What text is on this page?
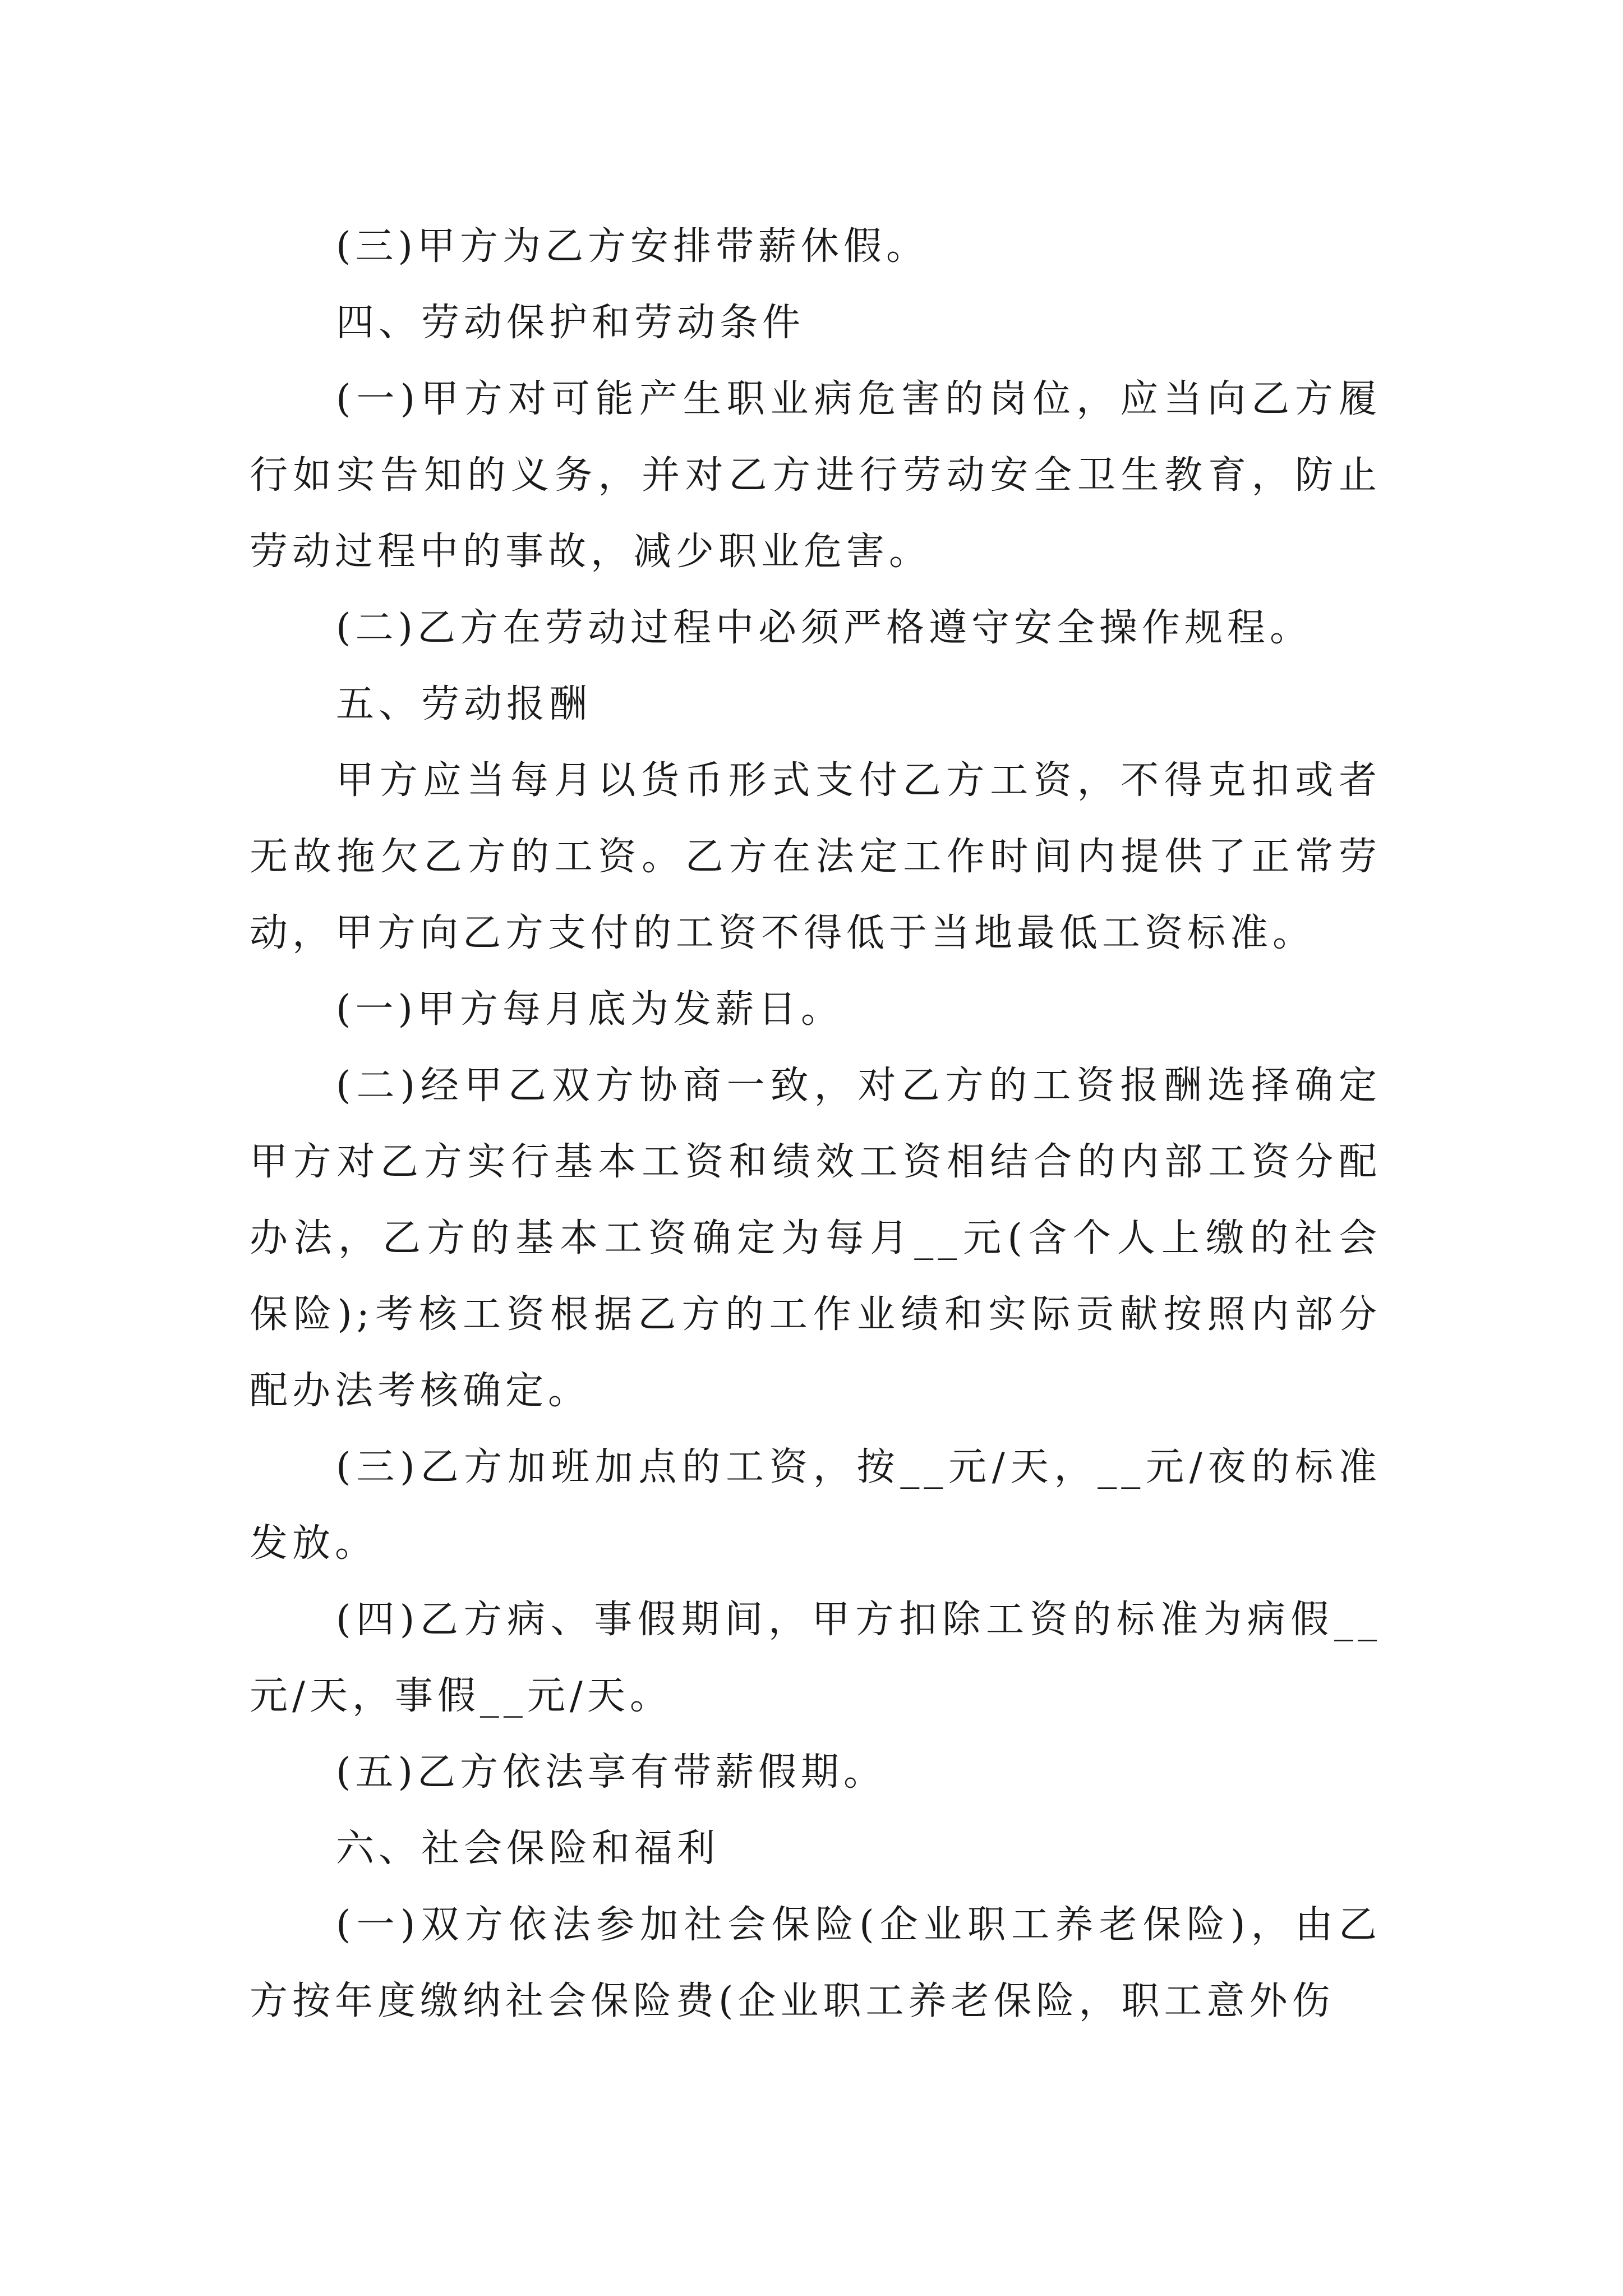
(三)甲方为乙方安排带薪休假。

四、劳动保护和劳动条件

(一)甲方对可能产生职业病危害的岗位，应当向乙方履行如实告知的义务，并对乙方进行劳动安全卫生教育，防止劳动过程中的事故，减少职业危害。

(二)乙方在劳动过程中必须严格遵守安全操作规程。

五、劳动报酬

甲方应当每月以货币形式支付乙方工资，不得克扣或者无故拖欠乙方的工资。乙方在法定工作时间内提供了正常劳动，甲方向乙方支付的工资不得低于当地最低工资标准。

(一)甲方每月底为发薪日。

(二)经甲乙双方协商一致，对乙方的工资报酬选择确定甲方对乙方实行基本工资和绩效工资相结合的内部工资分配办法，乙方的基本工资确定为每月__元(含个人上缴的社会保险);考核工资根据乙方的工作业绩和实际贡献按照内部分配办法考核确定。

(三)乙方加班加点的工资，按__元/天，__元/夜的标准发放。

(四)乙方病、事假期间，甲方扣除工资的标准为病假__元/天，事假__元/天。

(五)乙方依法享有带薪假期。

六、社会保险和福利

(一)双方依法参加社会保险(企业职工养老保险)，由乙方按年度缴纳社会保险费(企业职工养老保险，职工意外伤
